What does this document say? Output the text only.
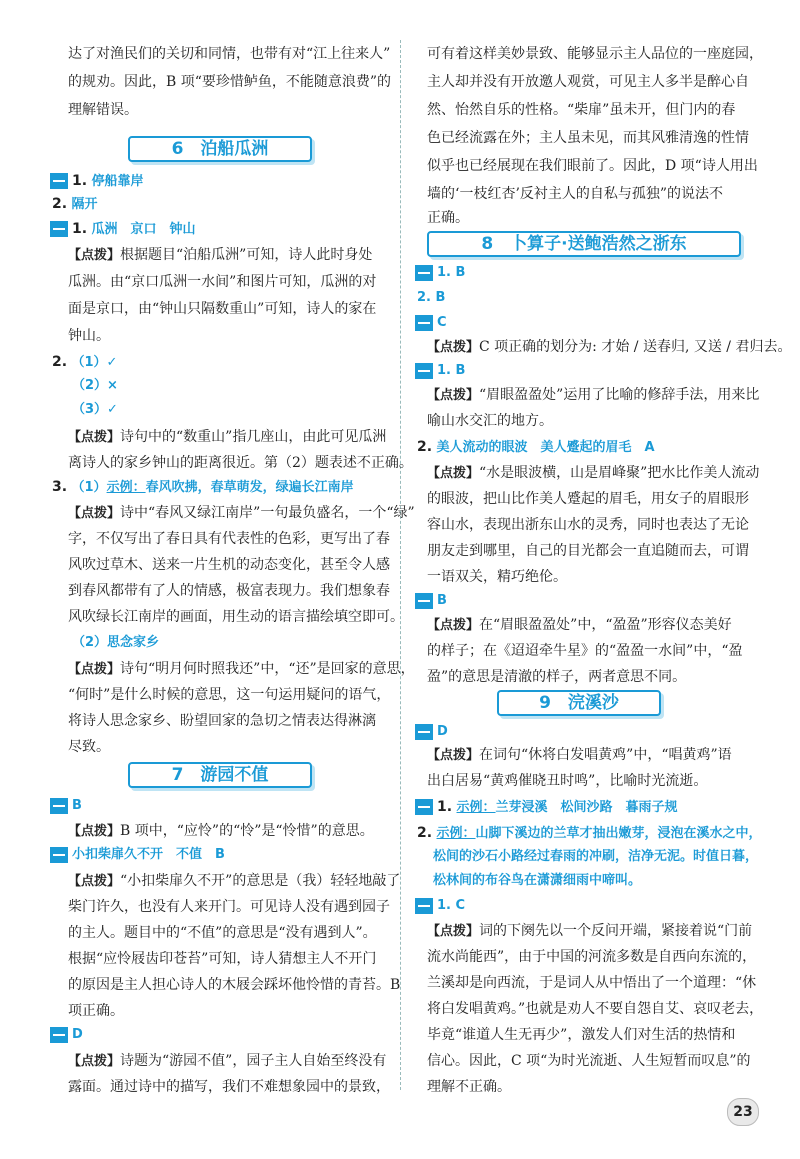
达了对渔民们的关切和同情，也带有对“江上往来人”
的规劝。因此，B 项“要珍惜鲈鱼，不能随意浪费”的
理解错误。
6　泊船瓜洲
1. 停船靠岸
2. 隔开
1. 瓜洲　京口　钟山
【点拨】根据题目“泊船瓜洲”可知，诗人此时身处
瓜洲。由“京口瓜洲一水间”和图片可知，瓜洲的对
面是京口，由“钟山只隔数重山”可知，诗人的家在
钟山。
2. （1）✓
（2）×
（3）✓
【点拨】诗句中的“数重山”指几座山，由此可见瓜洲
离诗人的家乡钟山的距离很近。第（2）题表述不正确。
3. （1）示例：春风吹拂，春草萌发，绿遍长江南岸
【点拨】诗中“春风又绿江南岸”一句最负盛名，一个“绿”
字，不仅写出了春日具有代表性的色彩，更写出了春
风吹过草木、送来一片生机的动态变化，甚至令人感
到春风都带有了人的情感，极富表现力。我们想象春
风吹绿长江南岸的画面，用生动的语言描绘填空即可。
（2）思念家乡
【点拨】诗句“明月何时照我还”中，“还”是回家的意思，
“何时”是什么时候的意思，这一句运用疑问的语气，
将诗人思念家乡、盼望回家的急切之情表达得淋漓
尽致。
7　游园不值
B
【点拨】B 项中，“应怜”的“怜”是“怜惜”的意思。
小扣柴扉久不开　不值　B
【点拨】“小扣柴扉久不开”的意思是（我）轻轻地敲了
柴门许久，也没有人来开门。可见诗人没有遇到园子
的主人。题目中的“不值”的意思是“没有遇到人”。
根据“应怜屐齿印苍苔”可知，诗人猜想主人不开门
的原因是主人担心诗人的木屐会踩坏他怜惜的青苔。B
项正确。
D
【点拨】诗题为“游园不值”，园子主人自始至终没有
露面。通过诗中的描写，我们不难想象园中的景致，
可有着这样美妙景致、能够显示主人品位的一座庭园，
主人却并没有开放邀人观赏，可见主人多半是醉心自
然、怡然自乐的性格。“柴扉”虽未开，但门内的春
色已经流露在外；主人虽未见，而其风雅清逸的性情
似乎也已经展现在我们眼前了。因此，D 项“诗人用出
墙的‘一枝红杏’反衬主人的自私与孤独”的说法不
正确。
8　卜算子·送鲍浩然之浙东
1. B
2. B
C
【点拨】C 项正确的划分为: 才始 / 送春归, 又送 / 君归去。
1. B
【点拨】“眉眼盈盈处”运用了比喻的修辞手法，用来比
喻山水交汇的地方。
2. 美人流动的眼波　美人蹙起的眉毛　A
【点拨】“水是眼波横，山是眉峰聚”把水比作美人流动
的眼波，把山比作美人蹙起的眉毛，用女子的眉眼形
容山水，表现出浙东山水的灵秀，同时也表达了无论
朋友走到哪里，自己的目光都会一直追随而去，可谓
一语双关，精巧绝伦。
B
【点拨】在“眉眼盈盈处”中，“盈盈”形容仪态美好
的样子；在《迢迢牵牛星》的“盈盈一水间”中，“盈
盈”的意思是清澈的样子，两者意思不同。
9　浣溪沙
D
【点拨】在词句“休将白发唱黄鸡”中，“唱黄鸡”语
出白居易“黄鸡催晓丑时鸣”，比喻时光流逝。
1. 示例：兰芽浸溪　松间沙路　暮雨子规
2. 示例：山脚下溪边的兰草才抽出嫩芽，浸泡在溪水之中，
松间的沙石小路经过春雨的冲刷，洁净无泥。时值日暮，
松林间的布谷鸟在潇潇细雨中啼叫。
1. C
【点拨】词的下阕先以一个反问开端，紧接着说“门前
流水尚能西”，由于中国的河流多数是自西向东流的，
兰溪却是向西流，于是词人从中悟出了一个道理：“休
将白发唱黄鸡。”也就是劝人不要自怨自艾、哀叹老去，
毕竟“谁道人生无再少”，激发人们对生活的热情和
信心。因此，C 项“为时光流逝、人生短暂而叹息”的
理解不正确。
23
